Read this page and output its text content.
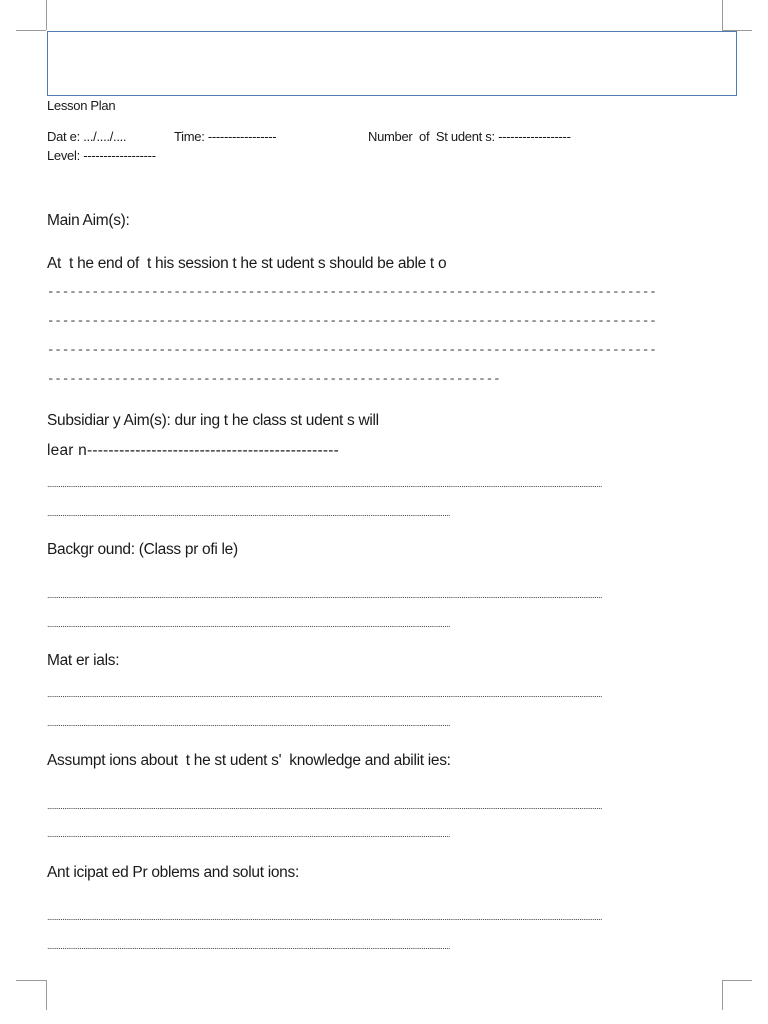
Lesson Plan
Dat e: .../..../....	Time: -----------------	Number  of  St udent s: ------------------
Level: ------------------
Main Aim(s):
At  t he end of  t his session t he st udent s should be able t o
----------------------------------------------------------------------------------
----------------------------------------------------------------------------------
----------------------------------------------------------------------------------
-------------------------------------------------------------
Subsidiar y Aim(s): dur ing t he class st udent s will
lear n-----------------------------------------------
....................................................................................................................................................................................................................................................................................................
....................................................................................................................................................................................................................
Backgr ound: (Class pr ofi le)
....................................................................................................................................................................................................................................................................................................
....................................................................................................................................................................................................................
Mat er ials:
....................................................................................................................................................................................................................................................................................................
....................................................................................................................................................................................................................
Assumpt ions about  t he st udent s'  knowledge and abilit ies:
....................................................................................................................................................................................................................................................................................................
....................................................................................................................................................................................................................
Ant icipat ed Pr oblems and solut ions:
....................................................................................................................................................................................................................................................................................................
....................................................................................................................................................................................................................
